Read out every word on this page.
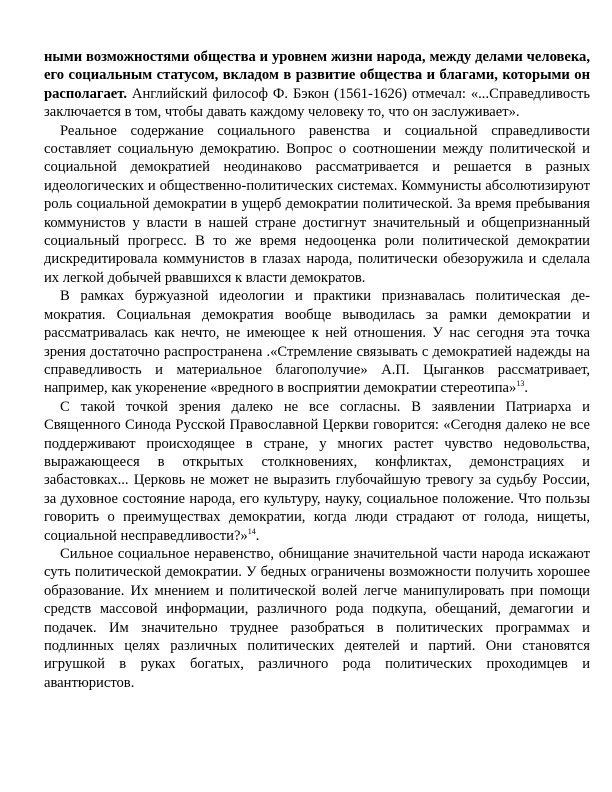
ными возможностями общества и уровнем жизни народа, между делами человека, его социальным статусом, вкладом в развитие общества и благами, которыми он располагает. Английский философ Ф. Бэкон (1561-1626) отмечал: «...Справедливость заключается в том, чтобы давать каждому человеку то, что он заслуживает».

Реальное содержание социального равенства и социальной справедливости составляет социальную демократию. Вопрос о соотношении между политической и социальной демократией неодинаково рассматривается и решается в разных идеологических и общественно-политических системах. Коммунисты абсолютизируют роль социальной демократии в ущерб демократии политической. За время пребывания коммунистов у власти в нашей стране достигнут значительный и общепризнанный социальный прогресс. В то же время недооценка роли политической демократии дискредитировала коммунистов в глазах народа, политически обезоружила и сделала их легкой добычей рвавшихся к власти демократов.

В рамках буржуазной идеологии и практики признавалась политическая демократия. Социальная демократия вообще выводилась за рамки демократии и рассматривалась как нечто, не имеющее к ней отношения. У нас сегодня эта точка зрения достаточно распространена .«Стремление связывать с демократией надежды на справедливость и материальное благополучие» А.П. Цыганков рассматривает, например, как укоренение «вредного в восприятии демократии стереотипа»$^{13}$.

С такой точкой зрения далеко не все согласны. В заявлении Патриарха и Священного Синода Русской Православной Церкви говорится: «Сегодня далеко не все поддерживают происходящее в стране, у многих растет чувство недовольства, выражающееся в открытых столкновениях, конфликтах, демонстрациях и забастовках... Церковь не может не выразить глубочайшую тревогу за судьбу России, за духовное состояние народа, его культуру, науку, социальное положение. Что пользы говорить о преимуществах демократии, когда люди страдают от голода, нищеты, социальной несправедливости?»$^{14}$.

Сильное социальное неравенство, обнищание значительной части народа искажают суть политической демократии. У бедных ограничены возможности получить хорошее образование. Их мнением и политической волей легче манипулировать при помощи средств массовой информации, различного рода подкупа, обещаний, демагогии и подачек. Им значительно труднее разобраться в политических программах и подлинных целях различных политических деятелей и партий. Они становятся игрушкой в руках богатых, различного рода политических проходимцев и авантюристов.
